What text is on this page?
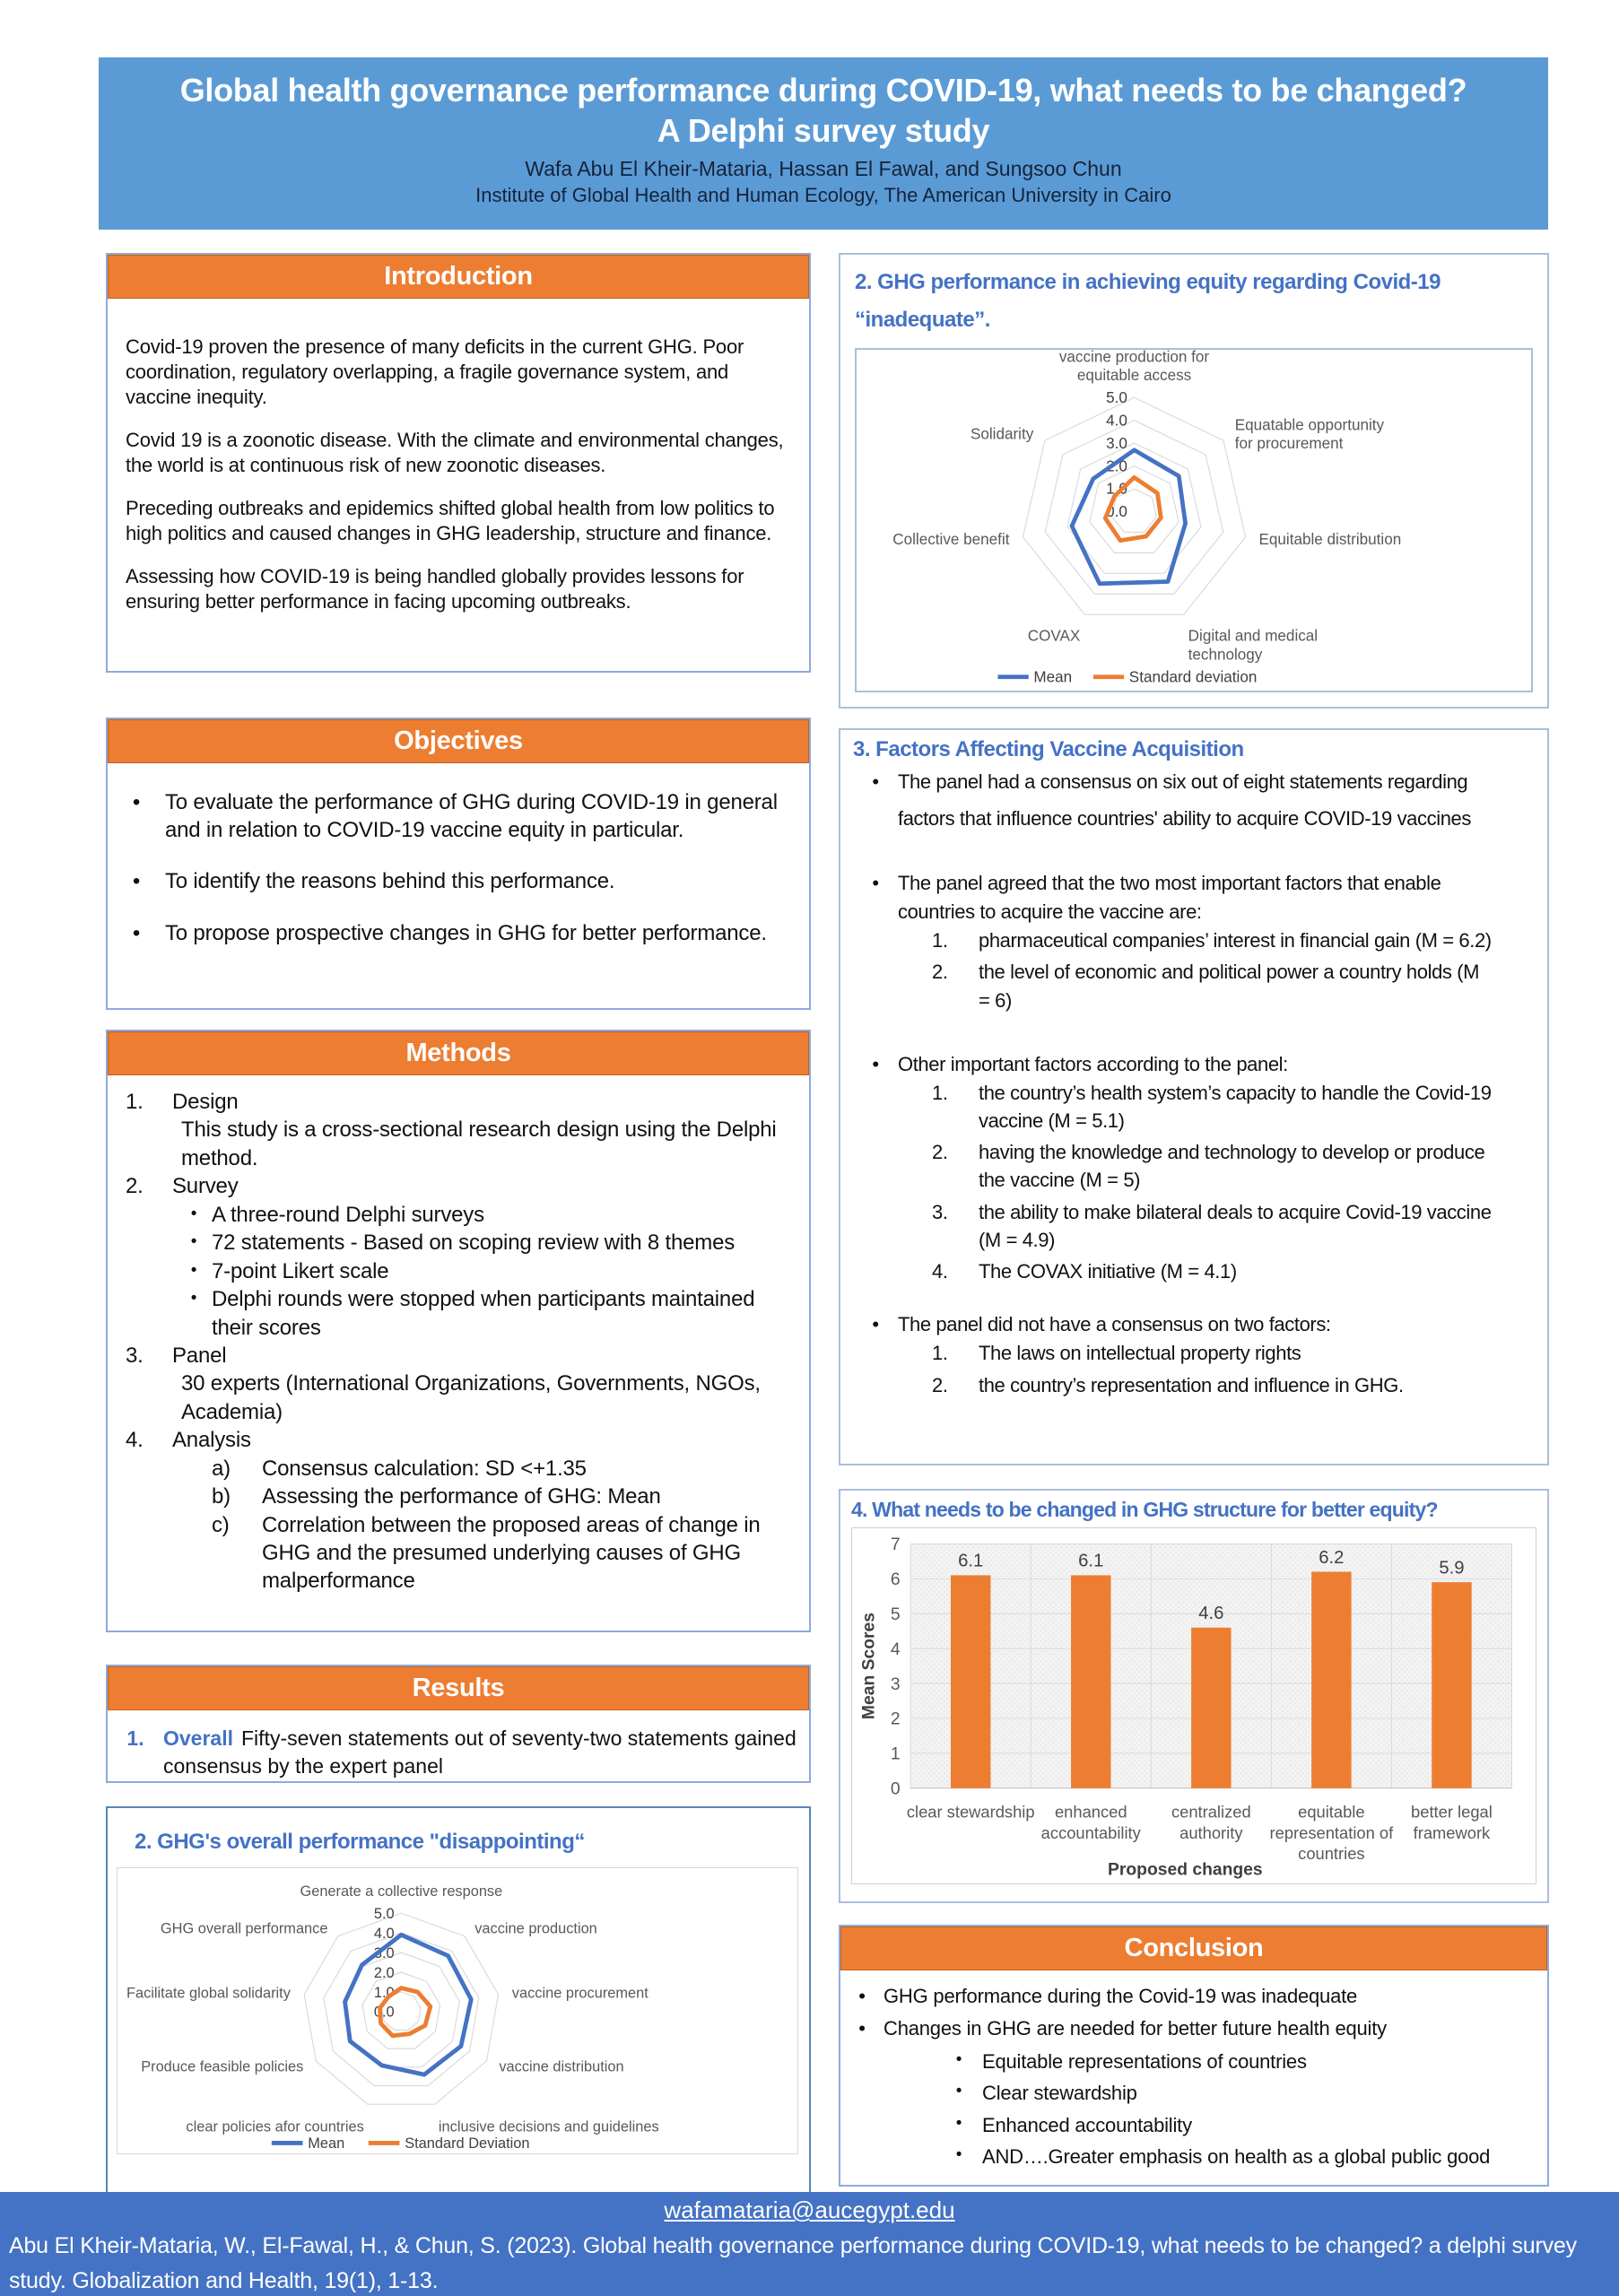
Global health governance performance during COVID-19, what needs to be changed?
A Delphi survey study
Wafa Abu El Kheir-Mataria, Hassan El Fawal, and Sungsoo Chun
Institute of Global Health and Human Ecology, The American University in Cairo
Introduction

Covid-19 proven the presence of many deficits in the current GHG. Poor coordination, regulatory overlapping, a fragile governance system, and vaccine inequity.

Covid 19 is a zoonotic disease. With the climate and environmental changes, the world is at continuous risk of new zoonotic diseases.

Preceding outbreaks and epidemics shifted global health from low politics to high politics and caused changes in GHG leadership, structure and finance.

Assessing how COVID-19 is being handled globally provides lessons for ensuring better performance in facing upcoming outbreaks.

Objectives
•	To evaluate the performance of GHG during COVID-19 in general and in relation to COVID-19 vaccine equity in particular.
•	To identify the reasons behind this performance.
•	To propose prospective changes in GHG for better performance.
Methods
1.	Design
This study is a cross-sectional research design using the Delphi method.
2.	Survey
• A three-round Delphi surveys
• 72 statements - Based on scoping review with 8 themes
• 7-point Likert scale
• Delphi rounds were stopped when participants maintained their scores
3.	Panel
30 experts (International Organizations, Governments, NGOs, Academia)
4.	Analysis
a)	Consensus calculation: SD <+1.35
b)	Assessing the performance of GHG: Mean
c)	Correlation between the proposed areas of change in GHG and the presumed underlying causes of GHG malperformance
Results
1. Overall Fifty-seven statements out of seventy-two statements gained consensus by the expert panel
2. GHG's overall performance "disappointing“
5.0
4.0
3.0
2.0
1.0
0.0
Generate a collective response
vaccine production
vaccine procurement
vaccine distribution
inclusive decisions and guidelines
clear policies afor countries
Produce feasible policies
Facilitate global solidarity
GHG overall performance
Mean	Standard Deviation
2. GHG performance in achieving equity regarding Covid-19 “inadequate”.
5.0
4.0
3.0
2.0
1.0
0.0
vaccine production for
equitable access
Equatable opportunity
for procurement
Equitable distribution
Digital and medical
technology
COVAX
Collective benefit
Solidarity
Mean	Standard deviation
3. Factors Affecting Vaccine Acquisition
• The panel had a consensus on six out of eight statements regarding factors that influence countries' ability to acquire COVID-19 vaccines
• The panel agreed that the two most important factors that enable countries to acquire the vaccine are:
1.	pharmaceutical companies’ interest in financial gain (M = 6.2)
2.	the level of economic and political power a country holds (M = 6)
• Other important factors according to the panel:
1.	the country’s health system’s capacity to handle the Covid-19 vaccine (M = 5.1)
2.	having the knowledge and technology to develop or produce the vaccine (M = 5)
3.	the ability to make bilateral deals to acquire Covid-19 vaccine (M = 4.9)
4.	The COVAX initiative (M = 4.1)
• The panel did not have a consensus on two factors:
1.	The laws on intellectual property rights
2.	the country’s representation and influence in GHG.
4. What needs to be changed in GHG structure for better equity?
0
1
2
3
4
5
6
7
6.1	6.1
4.6
6.2
5.9
clear stewardship enhanced
accountability
centralized
authority
equitable
representation of
countries
better legal
framework
Proposed changes
Mean Scores
Conclusion
• GHG performance during the Covid-19 was inadequate
• Changes in GHG are needed for better future health equity
•	Equitable representations of countries
•	Clear stewardship
•	Enhanced accountability
•	AND….Greater emphasis on health as a global public good
wafamataria@aucegypt.edu
Abu El Kheir-Mataria, W., El-Fawal, H., & Chun, S. (2023). Global health governance performance during COVID-19, what needs to be changed? a delphi survey study. Globalization and Health, 19(1), 1-13.
